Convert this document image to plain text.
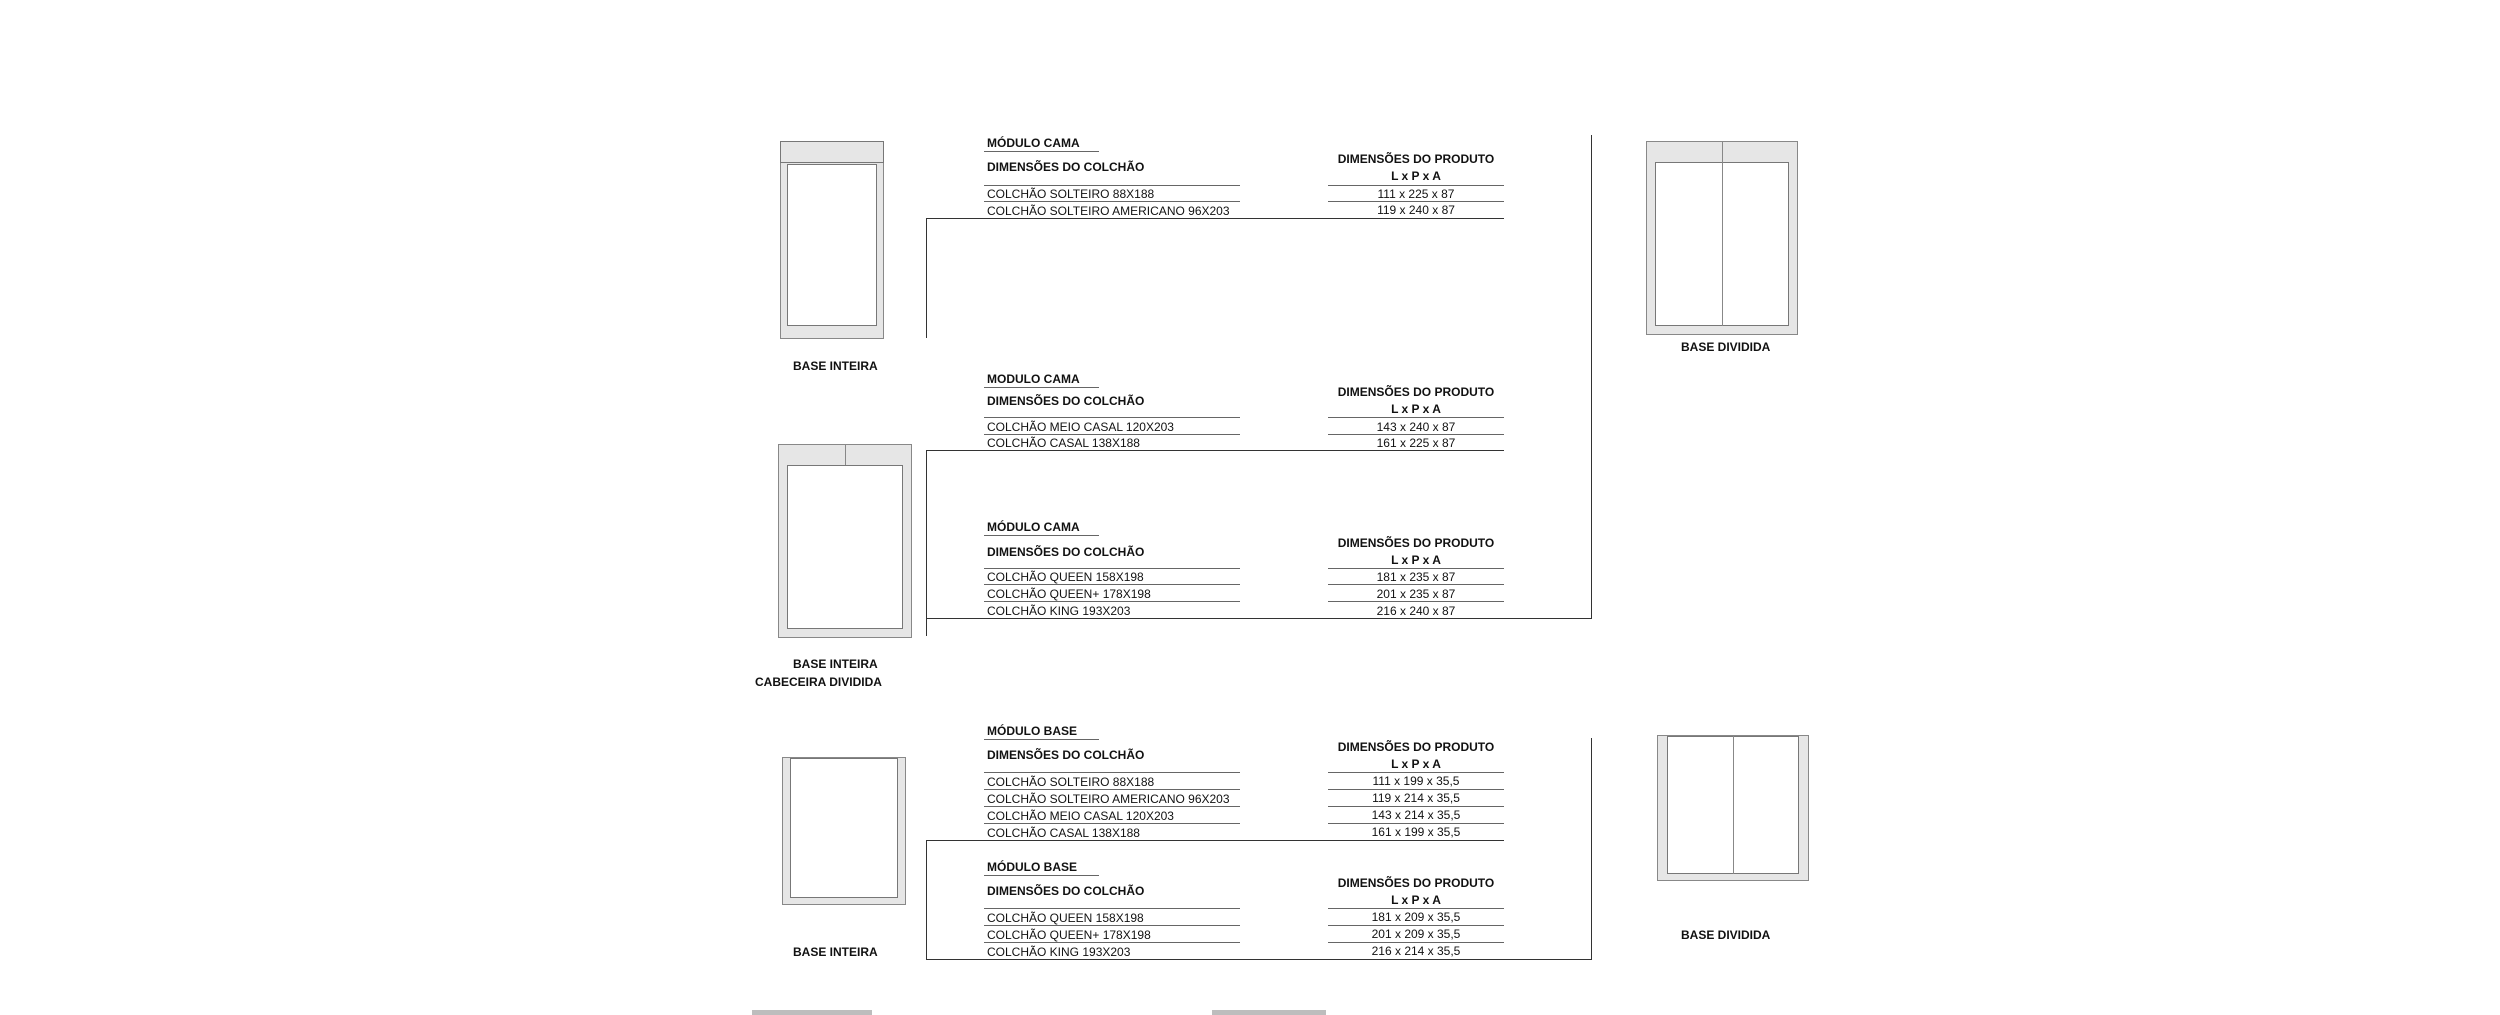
BASE INTEIRA
BASE DIVIDIDA
BASE INTEIRA
CABECEIRA DIVIDIDA
BASE INTEIRA
BASE DIVIDIDA
MÓDULO CAMA
DIMENSÕES DO COLCHÃO
DIMENSÕES DO PRODUTO
L x P x A
COLCHÃO SOLTEIRO 88X188	111 x 225 x 87
COLCHÃO SOLTEIRO AMERICANO 96X203	119 x 240 x 87
MODULO CAMA
DIMENSÕES DO COLCHÃO
DIMENSÕES DO PRODUTO
L x P x A
COLCHÃO MEIO CASAL 120X203	143 x 240 x 87
COLCHÃO CASAL 138X188	161 x 225 x 87
MÓDULO CAMA
DIMENSÕES DO COLCHÃO
DIMENSÕES DO PRODUTO
L x P x A
COLCHÃO QUEEN 158X198	181 x 235 x 87
COLCHÃO QUEEN+ 178X198	201 x 235 x 87
COLCHÃO KING 193X203	216 x 240 x 87
MÓDULO BASE
DIMENSÕES DO COLCHÃO
DIMENSÕES DO PRODUTO
L x P x A
COLCHÃO SOLTEIRO 88X188	111 x 199 x 35,5
COLCHÃO SOLTEIRO AMERICANO 96X203	119 x 214 x 35,5
COLCHÃO MEIO CASAL 120X203	143 x 214 x 35,5
COLCHÃO CASAL 138X188	161 x 199 x 35,5
MÓDULO BASE
DIMENSÕES DO COLCHÃO
DIMENSÕES DO PRODUTO
L x P x A
COLCHÃO QUEEN 158X198	181 x 209 x 35,5
COLCHÃO QUEEN+ 178X198	201 x 209 x 35,5
COLCHÃO KING 193X203	216 x 214 x 35,5
